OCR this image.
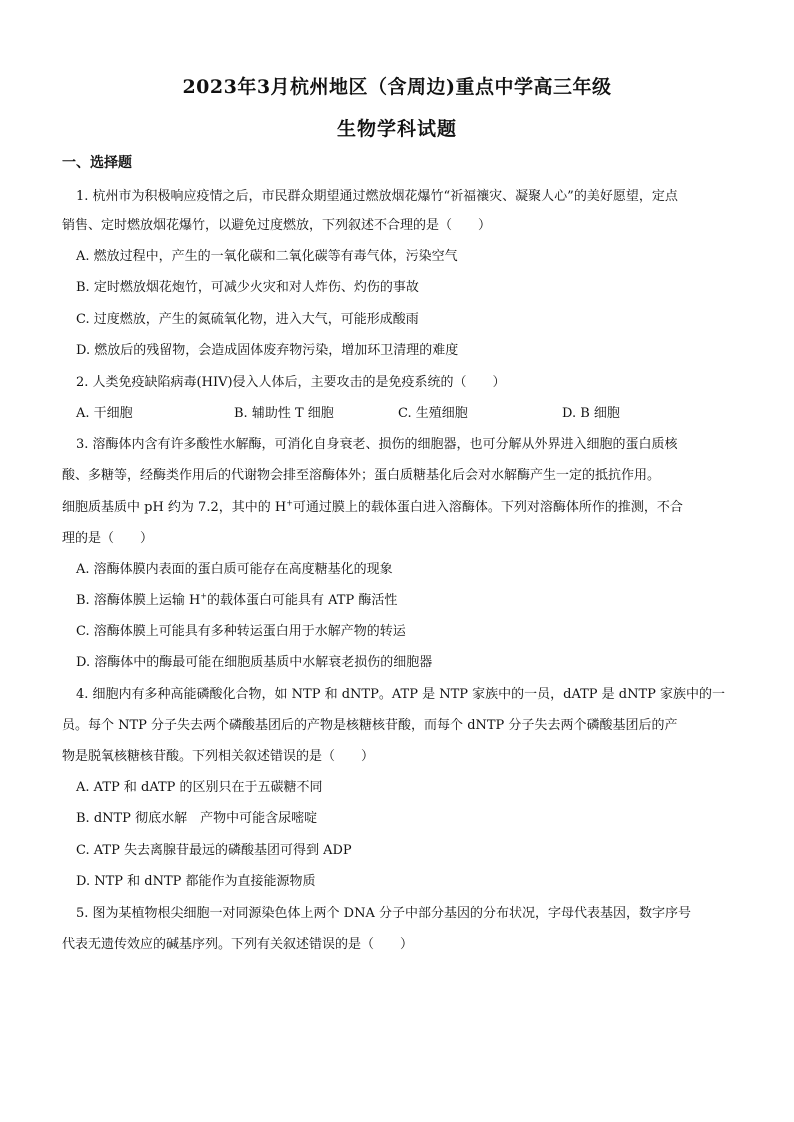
2023年3月杭州地区（含周边)重点中学高三年级
生物学科试题
一、选择题
1. 杭州市为积极响应疫情之后，市民群众期望通过燃放烟花爆竹“祈福禳灾、凝聚人心”的美好愿望，定点
销售、定时燃放烟花爆竹，以避免过度燃放，下列叙述不合理的是（　　）
A. 燃放过程中，产生的一氧化碳和二氧化碳等有毒气体，污染空气
B. 定时燃放烟花炮竹，可减少火灾和对人炸伤、灼伤的事故
C. 过度燃放，产生的氮硫氧化物，进入大气，可能形成酸雨
D. 燃放后的残留物，会造成固体废弃物污染，增加环卫清理的难度
2. 人类免疫缺陷病毒(HIV)侵入人体后，主要攻击的是免疫系统的（　　）
A. 干细胞	B. 辅助性 T 细胞	C. 生殖细胞	D. B 细胞
3. 溶酶体内含有许多酸性水解酶，可消化自身衰老、损伤的细胞器，也可分解从外界进入细胞的蛋白质核
酸、多糖等，经酶类作用后的代谢物会排至溶酶体外；蛋白质糖基化后会对水解酶产生一定的抵抗作用。
细胞质基质中 pH 约为 7.2，其中的 H+可通过膜上的载体蛋白进入溶酶体。下列对溶酶体所作的推测，不合
理的是（　　）
A. 溶酶体膜内表面的蛋白质可能存在高度糖基化的现象
B. 溶酶体膜上运输 H+的载体蛋白可能具有 ATP 酶活性
C. 溶酶体膜上可能具有多种转运蛋白用于水解产物的转运
D. 溶酶体中的酶最可能在细胞质基质中水解衰老损伤的细胞器
4. 细胞内有多种高能磷酸化合物，如 NTP 和 dNTP。ATP 是 NTP 家族中的一员，dATP 是 dNTP 家族中的一
员。每个 NTP 分子失去两个磷酸基团后的产物是核糖核苷酸，而每个 dNTP 分子失去两个磷酸基团后的产
物是脱氧核糖核苷酸。下列相关叙述错误的是（　　）
A. ATP 和 dATP 的区别只在于五碳糖不同
B. dNTP 彻底水解　产物中可能含尿嘧啶
C. ATP 失去离腺苷最远的磷酸基团可得到 ADP
D. NTP 和 dNTP 都能作为直接能源物质
5. 图为某植物根尖细胞一对同源染色体上两个 DNA 分子中部分基因的分布状况，字母代表基因，数字序号
代表无遗传效应的碱基序列。下列有关叙述错误的是（　　）
